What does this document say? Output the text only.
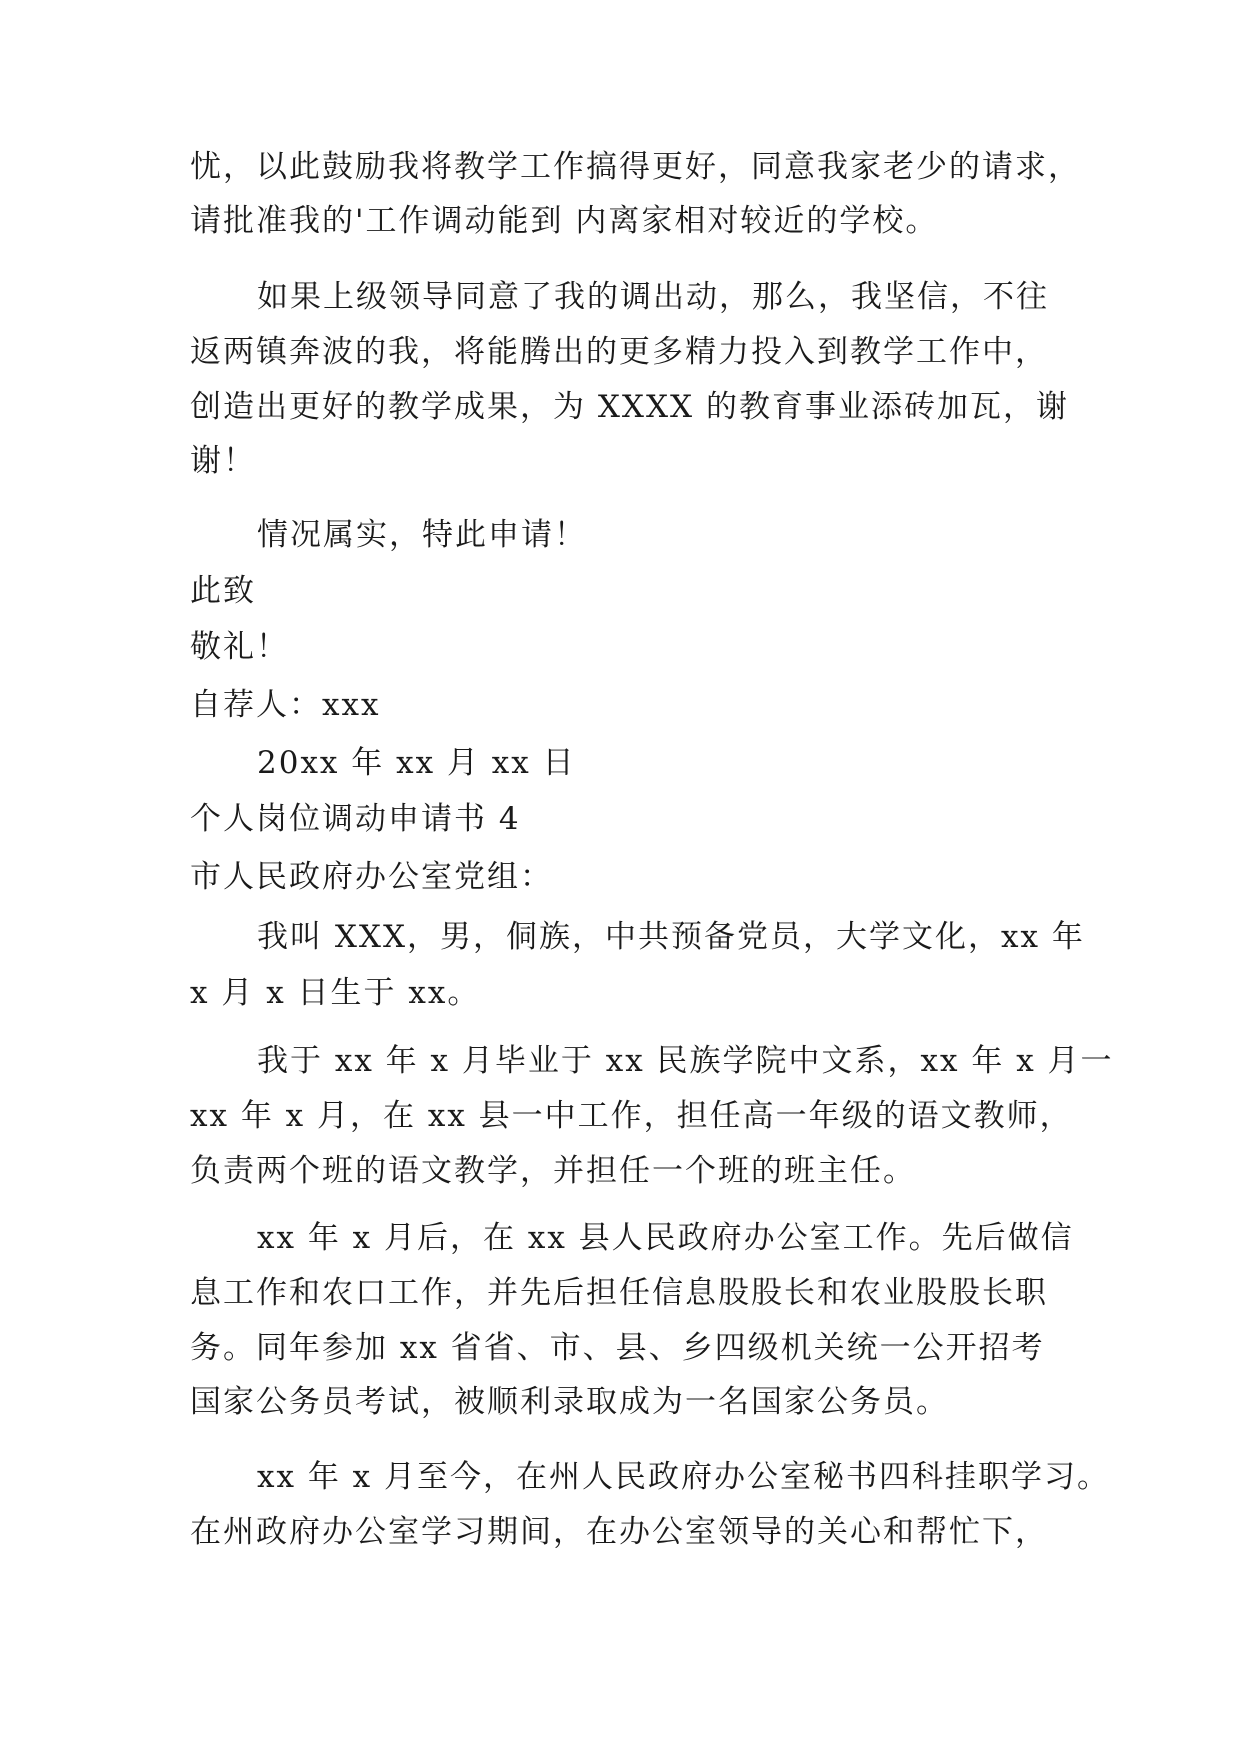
忧，以此鼓励我将教学工作搞得更好，同意我家老少的请求，
请批准我的'工作调动能到 内离家相对较近的学校。
如果上级领导同意了我的调出动，那么，我坚信，不往
返两镇奔波的我，将能腾出的更多精力投入到教学工作中，
创造出更好的教学成果，为 XXXX 的教育事业添砖加瓦，谢
谢！
情况属实，特此申请！
此致
敬礼！
自荐人：xxx
20xx 年 xx 月 xx 日
个人岗位调动申请书 4
市人民政府办公室党组：
我叫 XXX，男，侗族，中共预备党员，大学文化，xx 年
x 月 x 日生于 xx。
我于 xx 年 x 月毕业于 xx 民族学院中文系，xx 年 x 月一
xx 年 x 月，在 xx 县一中工作，担任高一年级的语文教师，
负责两个班的语文教学，并担任一个班的班主任。
xx 年 x 月后，在 xx 县人民政府办公室工作。先后做信
息工作和农口工作，并先后担任信息股股长和农业股股长职
务。同年参加 xx 省省、市、县、乡四级机关统一公开招考
国家公务员考试，被顺利录取成为一名国家公务员。
xx 年 x 月至今，在州人民政府办公室秘书四科挂职学习。
在州政府办公室学习期间，在办公室领导的关心和帮忙下，
